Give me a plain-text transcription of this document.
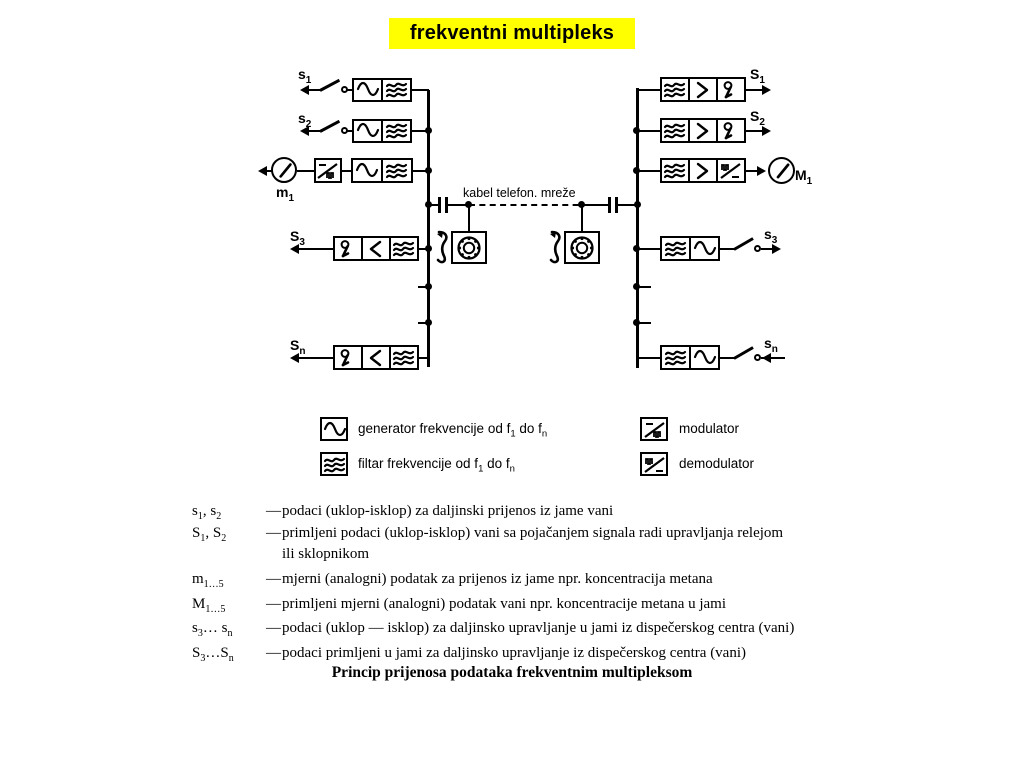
frekventni multipleks
$s_1$
$s_2$
$m_1$
$S_3$
$S_n$
kabel telefon. mreže
$S_1$
$S_2$
$M_1$
$s_3$
$s_n$
generator frekvencije od $f_1$ do $f_n$
filtar frekvencije od $f_1$ do $f_n$
modulator
demodulator
$s_1$, $s_2$	— podaci (uklop-isklop) za daljinski prijenos iz jame vani
$S_1$, $S_2$	— primljeni podaci (uklop-isklop) vani sa pojačanjem signala radi upravljanja relejom
ili sklopnikom
$m_{1\dots 5}$	— mjerni (analogni) podatak za prijenos iz jame npr. koncentracija metana
$M_{1\dots 5}$	— primljeni mjerni (analogni) podatak vani npr. koncentracije metana u jami
$s_3\dots$ $s_n$	— podaci (uklop — isklop) za daljinsko upravljanje u jami iz dispečerskog centra (vani)
$S_3\dots S_n$	— podaci primljeni u jami za daljinsko upravljanje iz dispečerskog centra (vani)
Princip prijenosa podataka frekventnim multipleksom
